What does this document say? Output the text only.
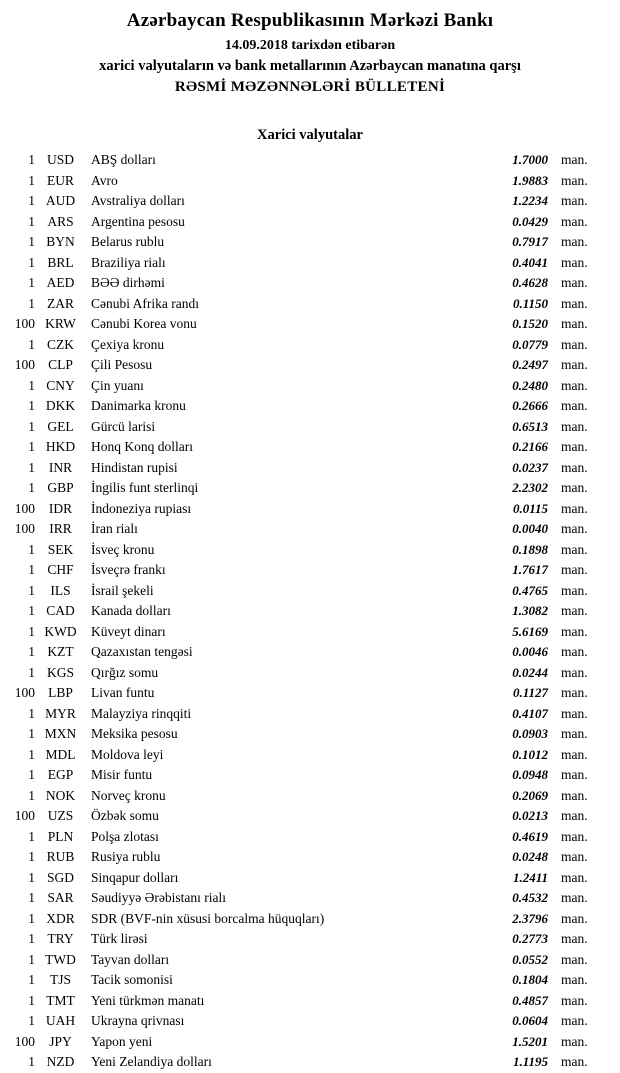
Azərbaycan Respublikasının Mərkəzi Bankı
14.09.2018 tarixdən etibarən
xarici valyutaların və bank metallarının Azərbaycan manatına qarşı
RƏSMİ MƏZƏNNƏLƏRİ BÜLLETENİ
Xarici valyutalar
1 USD	ABŞ dolları	1.7000 man.
1 EUR	Avro	1.9883 man.
1 AUD	Avstraliya dolları	1.2234 man.
1 ARS	Argentina pesosu	0.0429 man.
1 BYN	Belarus rublu	0.7917 man.
1 BRL	Braziliya rialı	0.4041 man.
1 AED	BƏƏ dirhəmi	0.4628 man.
1 ZAR	Cənubi Afrika randı	0.1150 man.
100 KRW	Cənubi Korea vonu	0.1520 man.
1 CZK	Çexiya kronu	0.0779 man.
100 CLP	Çili Pesosu	0.2497 man.
1 CNY	Çin yuanı	0.2480 man.
1 DKK	Danimarka kronu	0.2666 man.
1 GEL	Gürcü larisi	0.6513 man.
1 HKD	Honq Konq dolları	0.2166 man.
1	INR	Hindistan rupisi	0.0237 man.
1 GBP	İngilis funt sterlinqi	2.2302 man.
100	IDR	İndoneziya rupiası	0.0115 man.
100	IRR	İran rialı	0.0040 man.
1 SEK	İsveç kronu	0.1898 man.
1 CHF	İsveçrə frankı	1.7617 man.
1	ILS	İsrail şekeli	0.4765 man.
1 CAD	Kanada dolları	1.3082 man.
1 KWD	Küveyt dinarı	5.6169 man.
1 KZT	Qazaxıstan tengəsi	0.0046 man.
1 KGS	Qırğız somu	0.0244 man.
100 LBP	Livan funtu	0.1127 man.
1 MYR	Malayziya rinqqiti	0.4107 man.
1 MXN	Meksika pesosu	0.0903 man.
1 MDL	Moldova leyi	0.1012 man.
1 EGP	Misir funtu	0.0948 man.
1 NOK	Norveç kronu	0.2069 man.
100 UZS	Özbək somu	0.0213 man.
1 PLN	Polşa zlotası	0.4619 man.
1 RUB	Rusiya rublu	0.0248 man.
1 SGD	Sinqapur dolları	1.2411 man.
1 SAR	Səudiyyə Ərəbistanı rialı	0.4532 man.
1 XDR	SDR (BVF-nin xüsusi borcalma hüquqları)	2.3796 man.
1 TRY	Türk lirəsi	0.2773 man.
1 TWD	Tayvan dolları	0.0552 man.
1	TJS	Tacik somonisi	0.1804 man.
1 TMT	Yeni türkmən manatı	0.4857 man.
1 UAH	Ukrayna qrivnası	0.0604 man.
100	JPY	Yapon yeni	1.5201 man.
1 NZD	Yeni Zelandiya dolları	1.1195 man.
